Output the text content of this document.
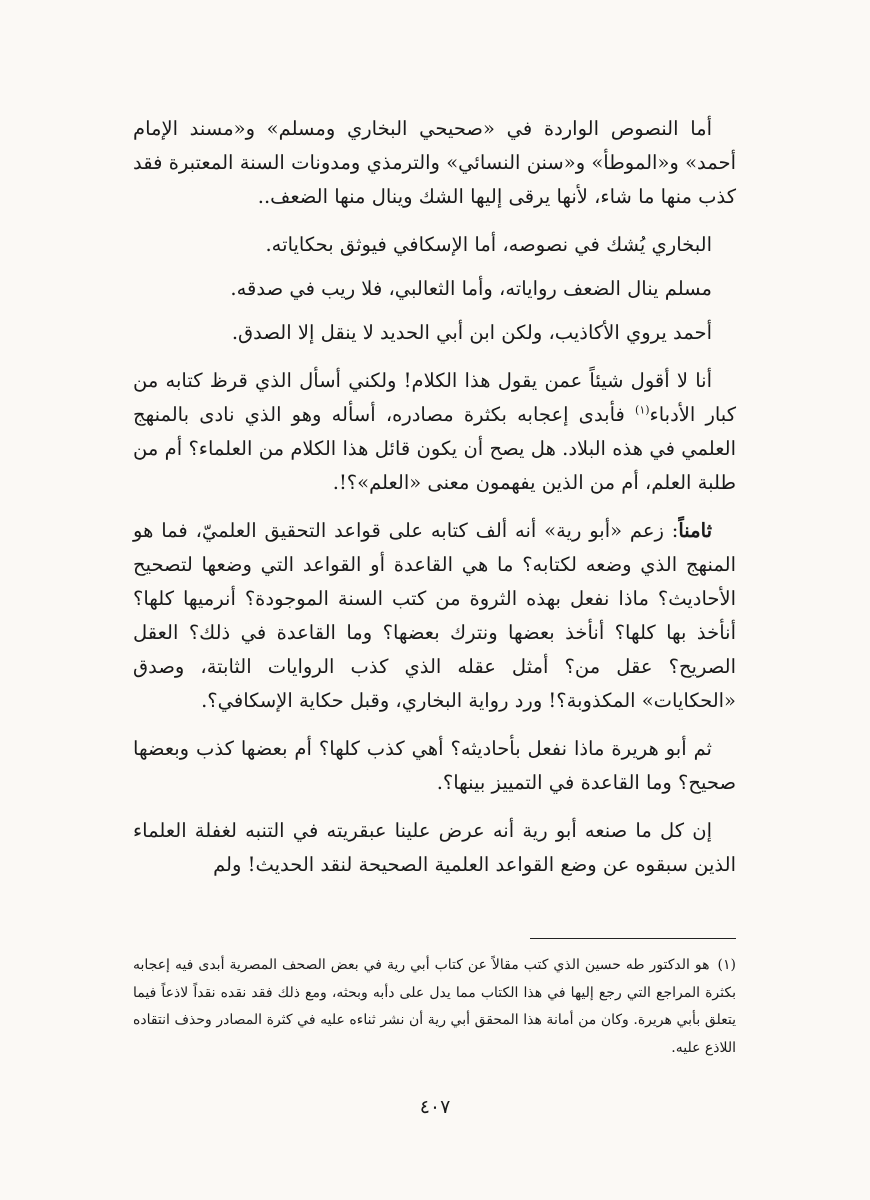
أما النصوص الواردة في «صحيحي البخاري ومسلم» و«مسند الإمام أحمد» و«الموطأ» و«سنن النسائي» والترمذي ومدونات السنة المعتبرة فقد كذب منها ما شاء، لأنها يرقى إليها الشك وينال منها الضعف..

البخاري يُشك في نصوصه، أما الإسكافي فيوثق بحكاياته.

مسلم ينال الضعف رواياته، وأما الثعالبي، فلا ريب في صدقه.

أحمد يروي الأكاذيب، ولكن ابن أبي الحديد لا ينقل إلا الصدق.

أنا لا أقول شيئاً عمن يقول هذا الكلام! ولكني أسأل الذي قرظ كتابه من كبار الأدباء$^{(١)}$ فأبدى إعجابه بكثرة مصادره، أسأله وهو الذي نادى بالمنهج العلمي في هذه البلاد. هل يصح أن يكون قائل هذا الكلام من العلماء؟ أم من طلبة العلم، أم من الذين يفهمون معنى «العلم»؟!.

ثامناً: زعم «أبو رية» أنه ألف كتابه على قواعد التحقيق العلميّ، فما هو المنهج الذي وضعه لكتابه؟ ما هي القاعدة أو القواعد التي وضعها لتصحيح الأحاديث؟ ماذا نفعل بهذه الثروة من كتب السنة الموجودة؟ أنرميها كلها؟ أنأخذ بها كلها؟ أنأخذ بعضها ونترك بعضها؟ وما القاعدة في ذلك؟ العقل الصريح؟ عقل من؟ أمثل عقله الذي كذب الروايات الثابتة، وصدق «الحكايات» المكذوبة؟! ورد رواية البخاري، وقبل حكاية الإسكافي؟.

ثم أبو هريرة ماذا نفعل بأحاديثه؟ أهي كذب كلها؟ أم بعضها كذب وبعضها صحيح؟ وما القاعدة في التمييز بينها؟.

إن كل ما صنعه أبو رية أنه عرض علينا عبقريته في التنبه لغفلة العلماء الذين سبقوه عن وضع القواعد العلمية الصحيحة لنقد الحديث! ولم

(١)هو الدكتور طه حسين الذي كتب مقالاً عن كتاب أبي رية في بعض الصحف المصرية أبدى فيه إعجابه بكثرة المراجع التي رجع إليها في هذا الكتاب مما يدل على دأبه وبحثه، ومع ذلك فقد نقده نقداً لاذعاً فيما يتعلق بأبي هريرة. وكان من أمانة هذا المحقق أبي رية أن نشر ثناءه عليه في كثرة المصادر وحذف انتقاده اللاذع عليه.
٤٠٧
